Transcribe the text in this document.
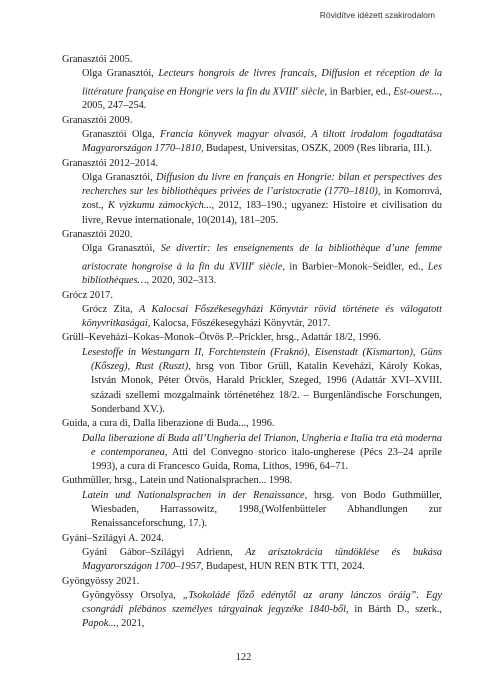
Rövidítve idézett szakirodalom

Granasztói 2005.

Olga Granasztói, Lecteurs hongrois de livres francais, Diffusion et réception de la littérature française en Hongrie vers la fin du XVIIIe siècle, in Barbier, ed., Est-ouest..., 2005, 247–254.

Granasztói 2009.

Granasztói Olga, Francia könyvek magyar olvasói, A tiltott irodalom fogadtatása Magyarországon 1770–1810, Budapest, Universitas, OSZK, 2009 (Res libraria, III.).

Granasztói 2012–2014.

Olga Granasztói, Diffusion du livre en français en Hongrie: bilan et perspectives des recherches sur les bibliothèques privées de l’aristocratie (1770–1810), in Komorová, zost., K výzkumu zámockých..., 2012, 183–190.; ugyanez: Histoire et civilisation du livre, Revue internationale, 10(2014), 181–205.

Granasztói 2020.

Olga Granasztói, Se divertir: les enseignements de la bibliothèque d’une femme aristocrate hongroise à la fin du XVIIIe siècle, in Barbier–Monok–Seidler, ed., Les bibliothèques…, 2020, 302–313.

Grócz 2017.

Grócz Zita, A Kalocsai Főszékesegyházi Könyvtár rövid története és válogatott könyvritkaságai, Kalocsa, Főszékesegyházi Könyvtár, 2017.

Grüll–Keveházi–Kokas–Monok–Ötvös P.–Prickler, hrsg., Adattár 18/2, 1996.

Lesestoffe in Westungarn II, Forchtenstein (Fraknó), Eisenstadt (Kismarton), Güns (Kőszeg), Rust (Ruszt), hrsg von Tibor Grüll, Katalin Keveházi, Károly Kokas, István Monok, Péter Ötvös, Harald Prickler, Szeged, 1996 (Adattár XVI–XVIII. századi szellemi mozgalmaink történetéhez 18/2. – Burgenländische Forschungen, Sonderband XV.).

Guida, a cura di, Dalla liberazione di Buda..., 1996.

Dalla liberazione di Buda all’Ungheria del Trianon, Ungheria e Italia tra età moderna e contemporanea, Atti del Convegno storico italo-ungherese (Pécs 23–24 aprile 1993), a cura di Francesco Guida, Roma, Lithos, 1996, 64–71.

Guthmüller, hrsg., Latein und Nationalsprachen... 1998.

Latein und Nationalsprachen in der Renaissance, hrsg. von Bodo Guthmüller, Wiesbaden, Harrassowitz, 1998,(Wolfenbütteler Abhandlungen zur Renaissanceforschung, 17.).

Gyáni–Szilágyi A. 2024.

Gyáni Gábor–Szilágyi Adrienn, Az arisztokrácia tündöklése és bukása Magyarországon 1700–1957, Budapest, HUN REN BTK TTI, 2024.

Gyöngyössy 2021.

Gyöngyössy Orsolya, „Tsokoládé főző edénytől az arany lánczos óráig”. Egy csongrádi plébános személyes tárgyainak jegyzéke 1840-ből, in Bárth D., szerk., Papok..., 2021,

122
